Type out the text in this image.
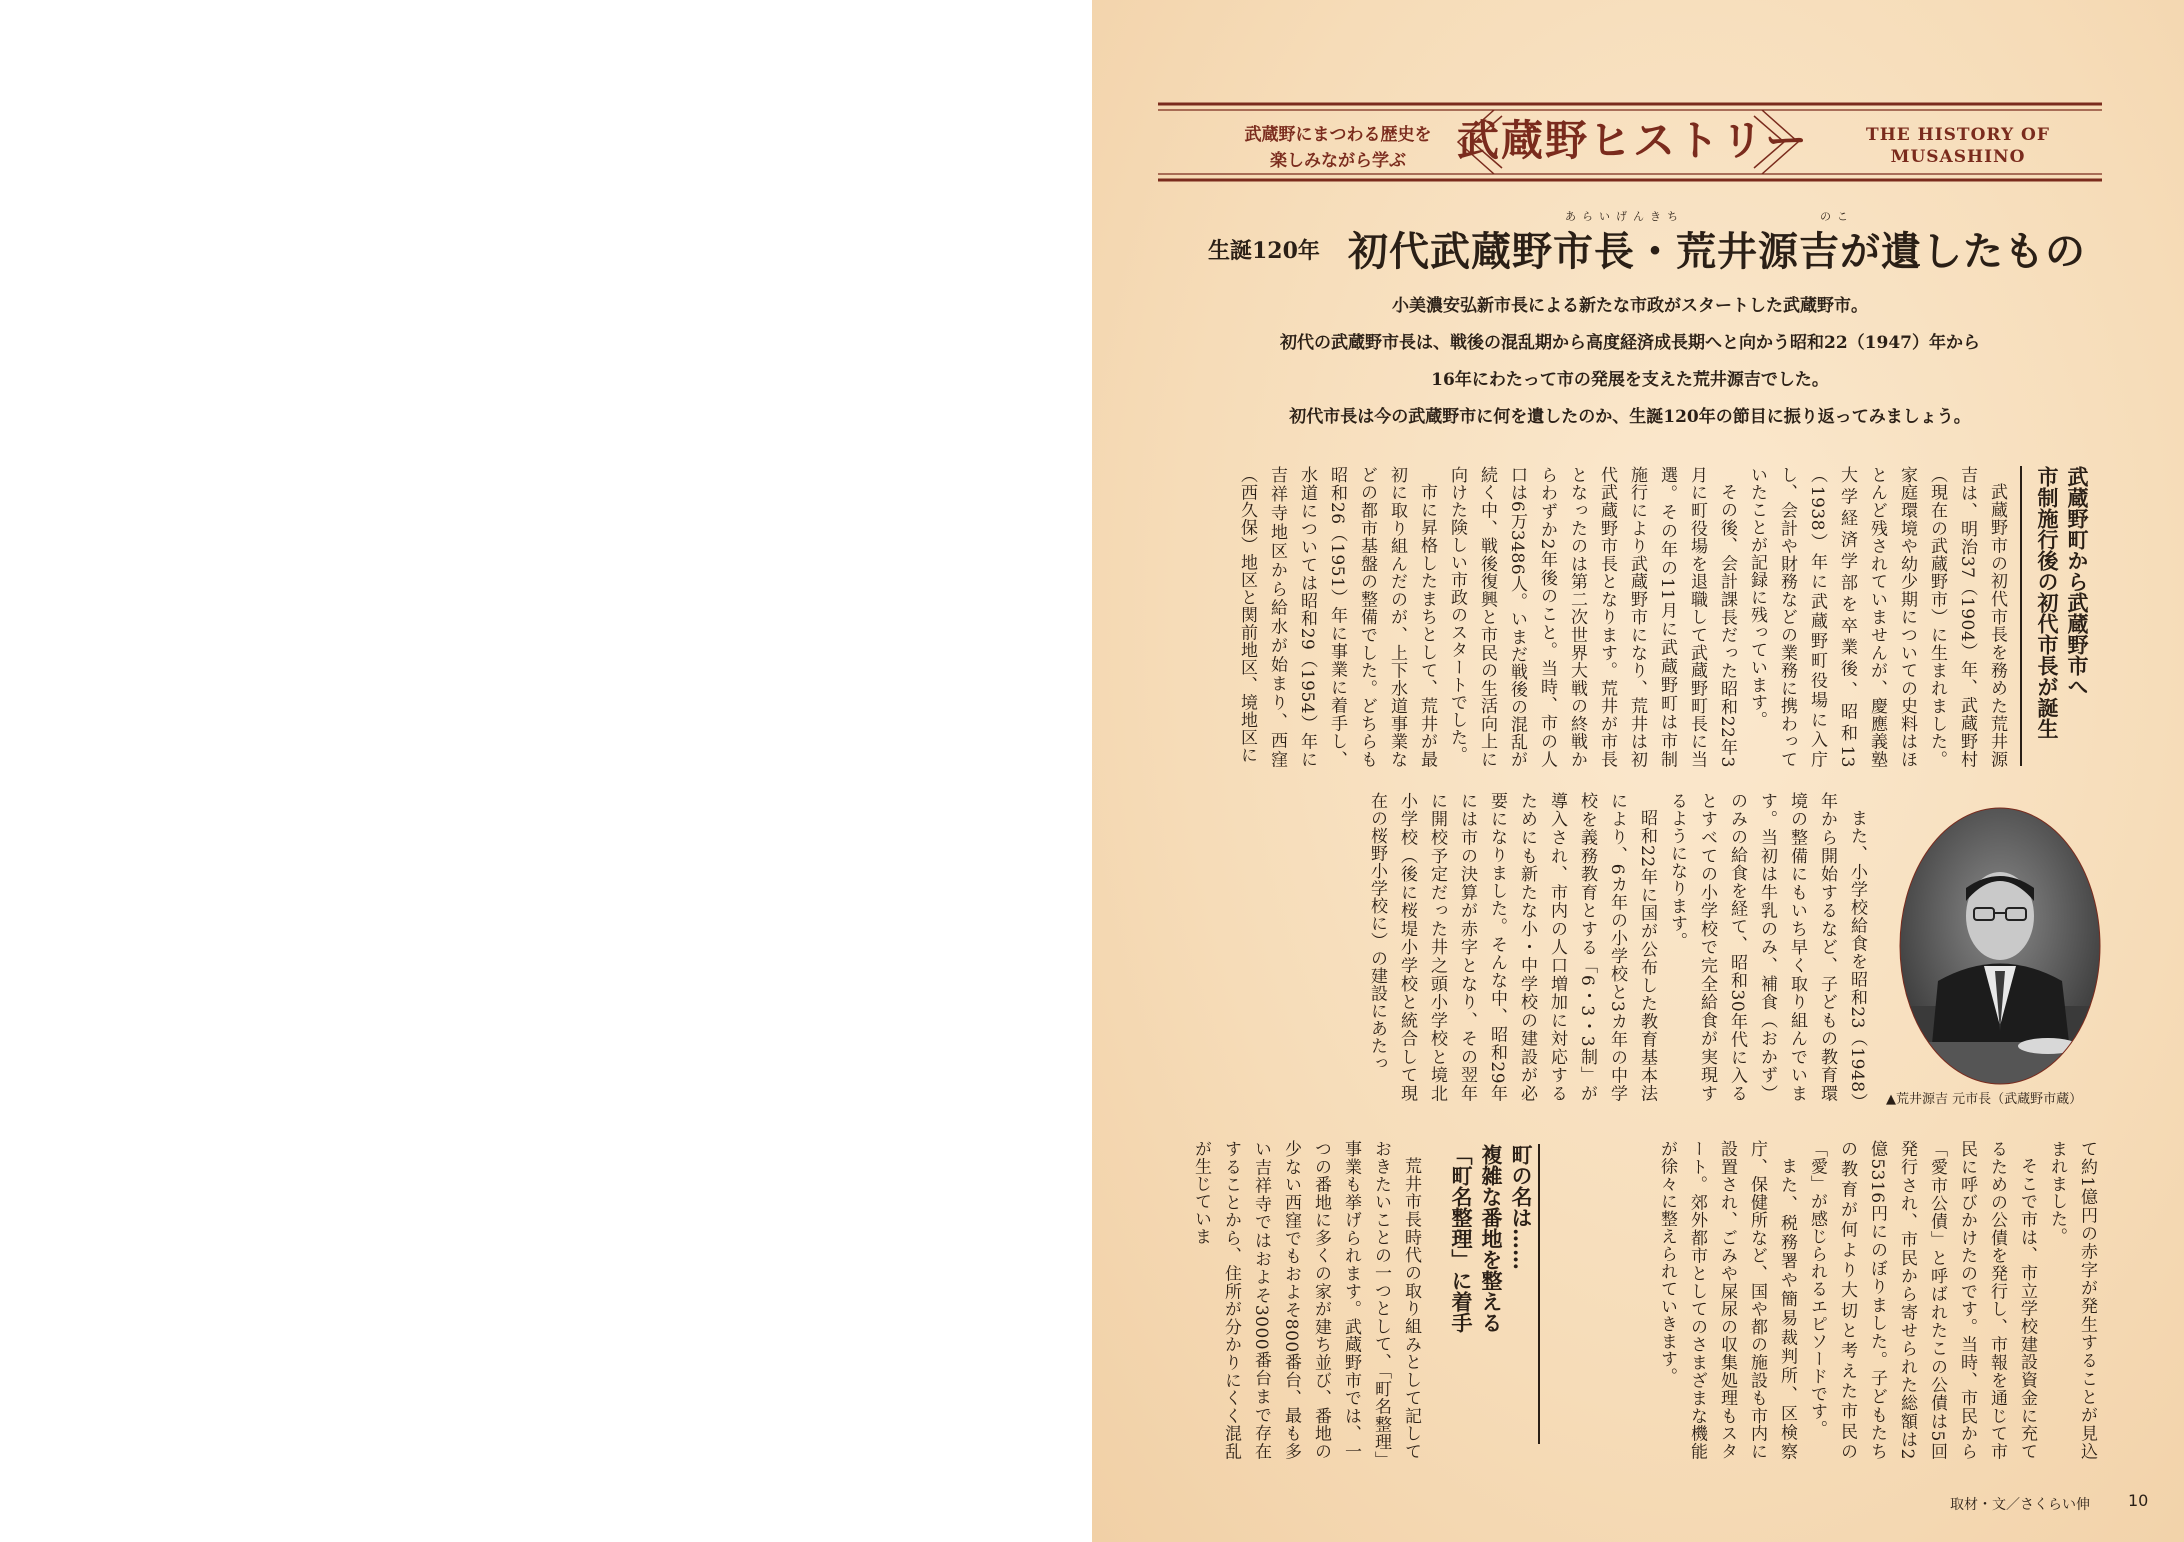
武蔵野にまつわる歴史を
楽しみながら学ぶ	武蔵野ヒストリー	THE HISTORY OF
MUSASHINO
生誕120年
あらいげんきち	のこ
初代武蔵野市長・荒井源吉が遺したもの

小美濃安弘新市長による新たな市政がスタートした武蔵野市。

初代の武蔵野市長は、戦後の混乱期から高度経済成長期へと向かう昭和22（1947）年から

16年にわたって市の発展を支えた荒井源吉でした。

初代市長は今の武蔵野市に何を遺したのか、生誕120年の節目に振り返ってみましょう。

武蔵野町から武蔵野市へ
市制施行後の初代市長が誕生

武蔵野市の初代市長を務めた荒井源吉は、明治37（1904）年、武蔵野村（現在の武蔵野市）に生まれました。家庭環境や幼少期についての史料はほとんど残されていませんが、慶應義塾大学経済学部を卒業後、昭和13（1938）年に武蔵野町役場に入庁し、会計や財務などの業務に携わっていたことが記録に残っています。

その後、会計課長だった昭和22年3月に町役場を退職して武蔵野町長に当選。その年の11月に武蔵野町は市制施行により武蔵野市になり、荒井は初代武蔵野市長となります。荒井が市長となったのは第二次世界大戦の終戦からわずか2年後のこと。当時、市の人口は6万3486人。いまだ戦後の混乱が続く中、戦後復興と市民の生活向上に向けた険しい市政のスタートでした。

市に昇格したまちとして、荒井が最初に取り組んだのが、上下水道事業などの都市基盤の整備でした。どちらも昭和26（1951）年に事業に着手し、水道については昭和29（1954）年に吉祥寺地区から給水が始まり、西窪（西久保）地区と関前地区、境地区に

▲荒井源吉 元市長（武蔵野市蔵）

また、小学校給食を昭和23（1948）年から開始するなど、子どもの教育環境の整備にもいち早く取り組んでいます。当初は牛乳のみ、補食（おかず）のみの給食を経て、昭和30年代に入るとすべての小学校で完全給食が実現するようになります。

昭和22年に国が公布した教育基本法により、6カ年の小学校と3カ年の中学校を義務教育とする「6・3・3制」が導入され、市内の人口増加に対応するためにも新たな小・中学校の建設が必要になりました。そんな中、昭和29年には市の決算が赤字となり、その翌年に開校予定だった井之頭小学校と境北小学校（後に桜堤小学校と統合して現在の桜野小学校に）の建設にあたっ

て約1億円の赤字が発生することが見込まれました。

そこで市は、市立学校建設資金に充てるための公債を発行し、市報を通じて市民に呼びかけたのです。当時、市民から「愛市公債」と呼ばれたこの公債は5回発行され、市民から寄せられた総額は2億5316円にのぼりました。子どもたちの教育が何より大切と考えた市民の「愛」が感じられるエピソードです。

また、税務署や簡易裁判所、区検察庁、保健所など、国や都の施設も市内に設置され、ごみや屎尿の収集処理もスタート。郊外都市としてのさまざまな機能が徐々に整えられていきます。

町の名は……
複雑な番地を整える
「町名整理」に着手

荒井市長時代の取り組みとして記しておきたいことの一つとして、「町名整理」事業も挙げられます。武蔵野市では、一つの番地に多くの家が建ち並び、番地の少ない西窪でもおよそ800番台、最も多い吉祥寺ではおよそ3000番台まで存在することから、住所が分かりにくく混乱が生じていま

取材・文／さくらい伸 10
